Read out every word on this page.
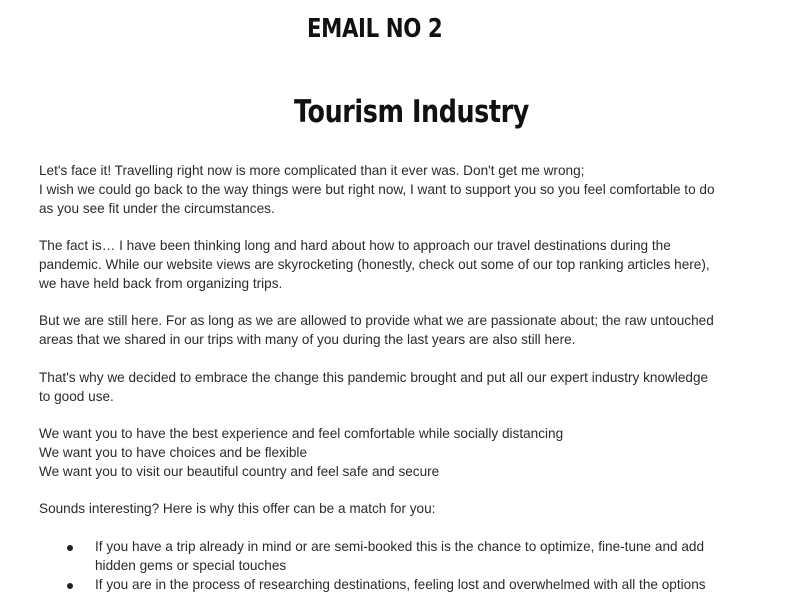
EMAIL NO 2
Tourism Industry

Let's face it! Travelling right now is more complicated than it ever was. Don't get me wrong;
I wish we could go back to the way things were but right now, I want to support you so you feel comfortable to do
as you see fit under the circumstances.

The fact is… I have been thinking long and hard about how to approach our travel destinations during the
pandemic. While our website views are skyrocketing (honestly, check out some of our top ranking articles here),
we have held back from organizing trips.

But we are still here. For as long as we are allowed to provide what we are passionate about; the raw untouched
areas that we shared in our trips with many of you during the last years are also still here.

That's why we decided to embrace the change this pandemic brought and put all our expert industry knowledge
to good use.

We want you to have the best experience and feel comfortable while socially distancing
We want you to have choices and be flexible
We want you to visit our beautiful country and feel safe and secure

Sounds interesting? Here is why this offer can be a match for you:

If you have a trip already in mind or are semi-booked this is the chance to optimize, fine-tune and add
hidden gems or special touches
If you are in the process of researching destinations, feeling lost and overwhelmed with all the options
